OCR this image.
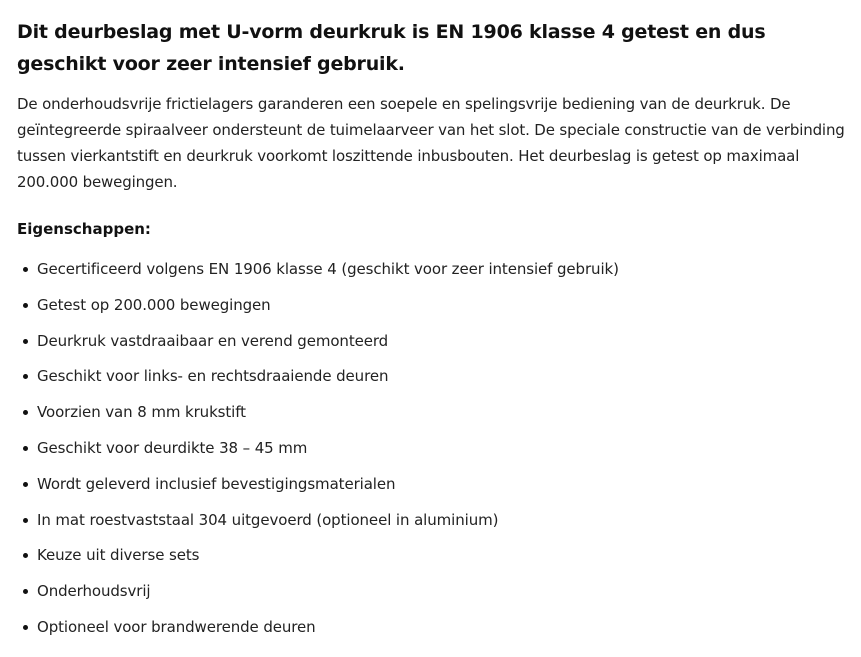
Dit deurbeslag met U-vorm deurkruk is EN 1906 klasse 4 getest en dus geschikt voor zeer intensief gebruik.

De onderhoudsvrije frictielagers garanderen een soepele en spelingsvrije bediening van de deurkruk. De geïntegreerde spiraalveer ondersteunt de tuimelaarveer van het slot. De speciale constructie van de verbinding tussen vierkantstift en deurkruk voorkomt loszittende inbusbouten. Het deurbeslag is getest op maximaal 200.000 bewegingen.

Eigenschappen:

Gecertificeerd volgens EN 1906 klasse 4 (geschikt voor zeer intensief gebruik)
Getest op 200.000 bewegingen
Deurkruk vastdraaibaar en verend gemonteerd
Geschikt voor links- en rechtsdraaiende deuren
Voorzien van 8 mm krukstift
Geschikt voor deurdikte 38 – 45 mm
Wordt geleverd inclusief bevestigingsmaterialen
In mat roestvaststaal 304 uitgevoerd (optioneel in aluminium)
Keuze uit diverse sets
Onderhoudsvrij
Optioneel voor brandwerende deuren
